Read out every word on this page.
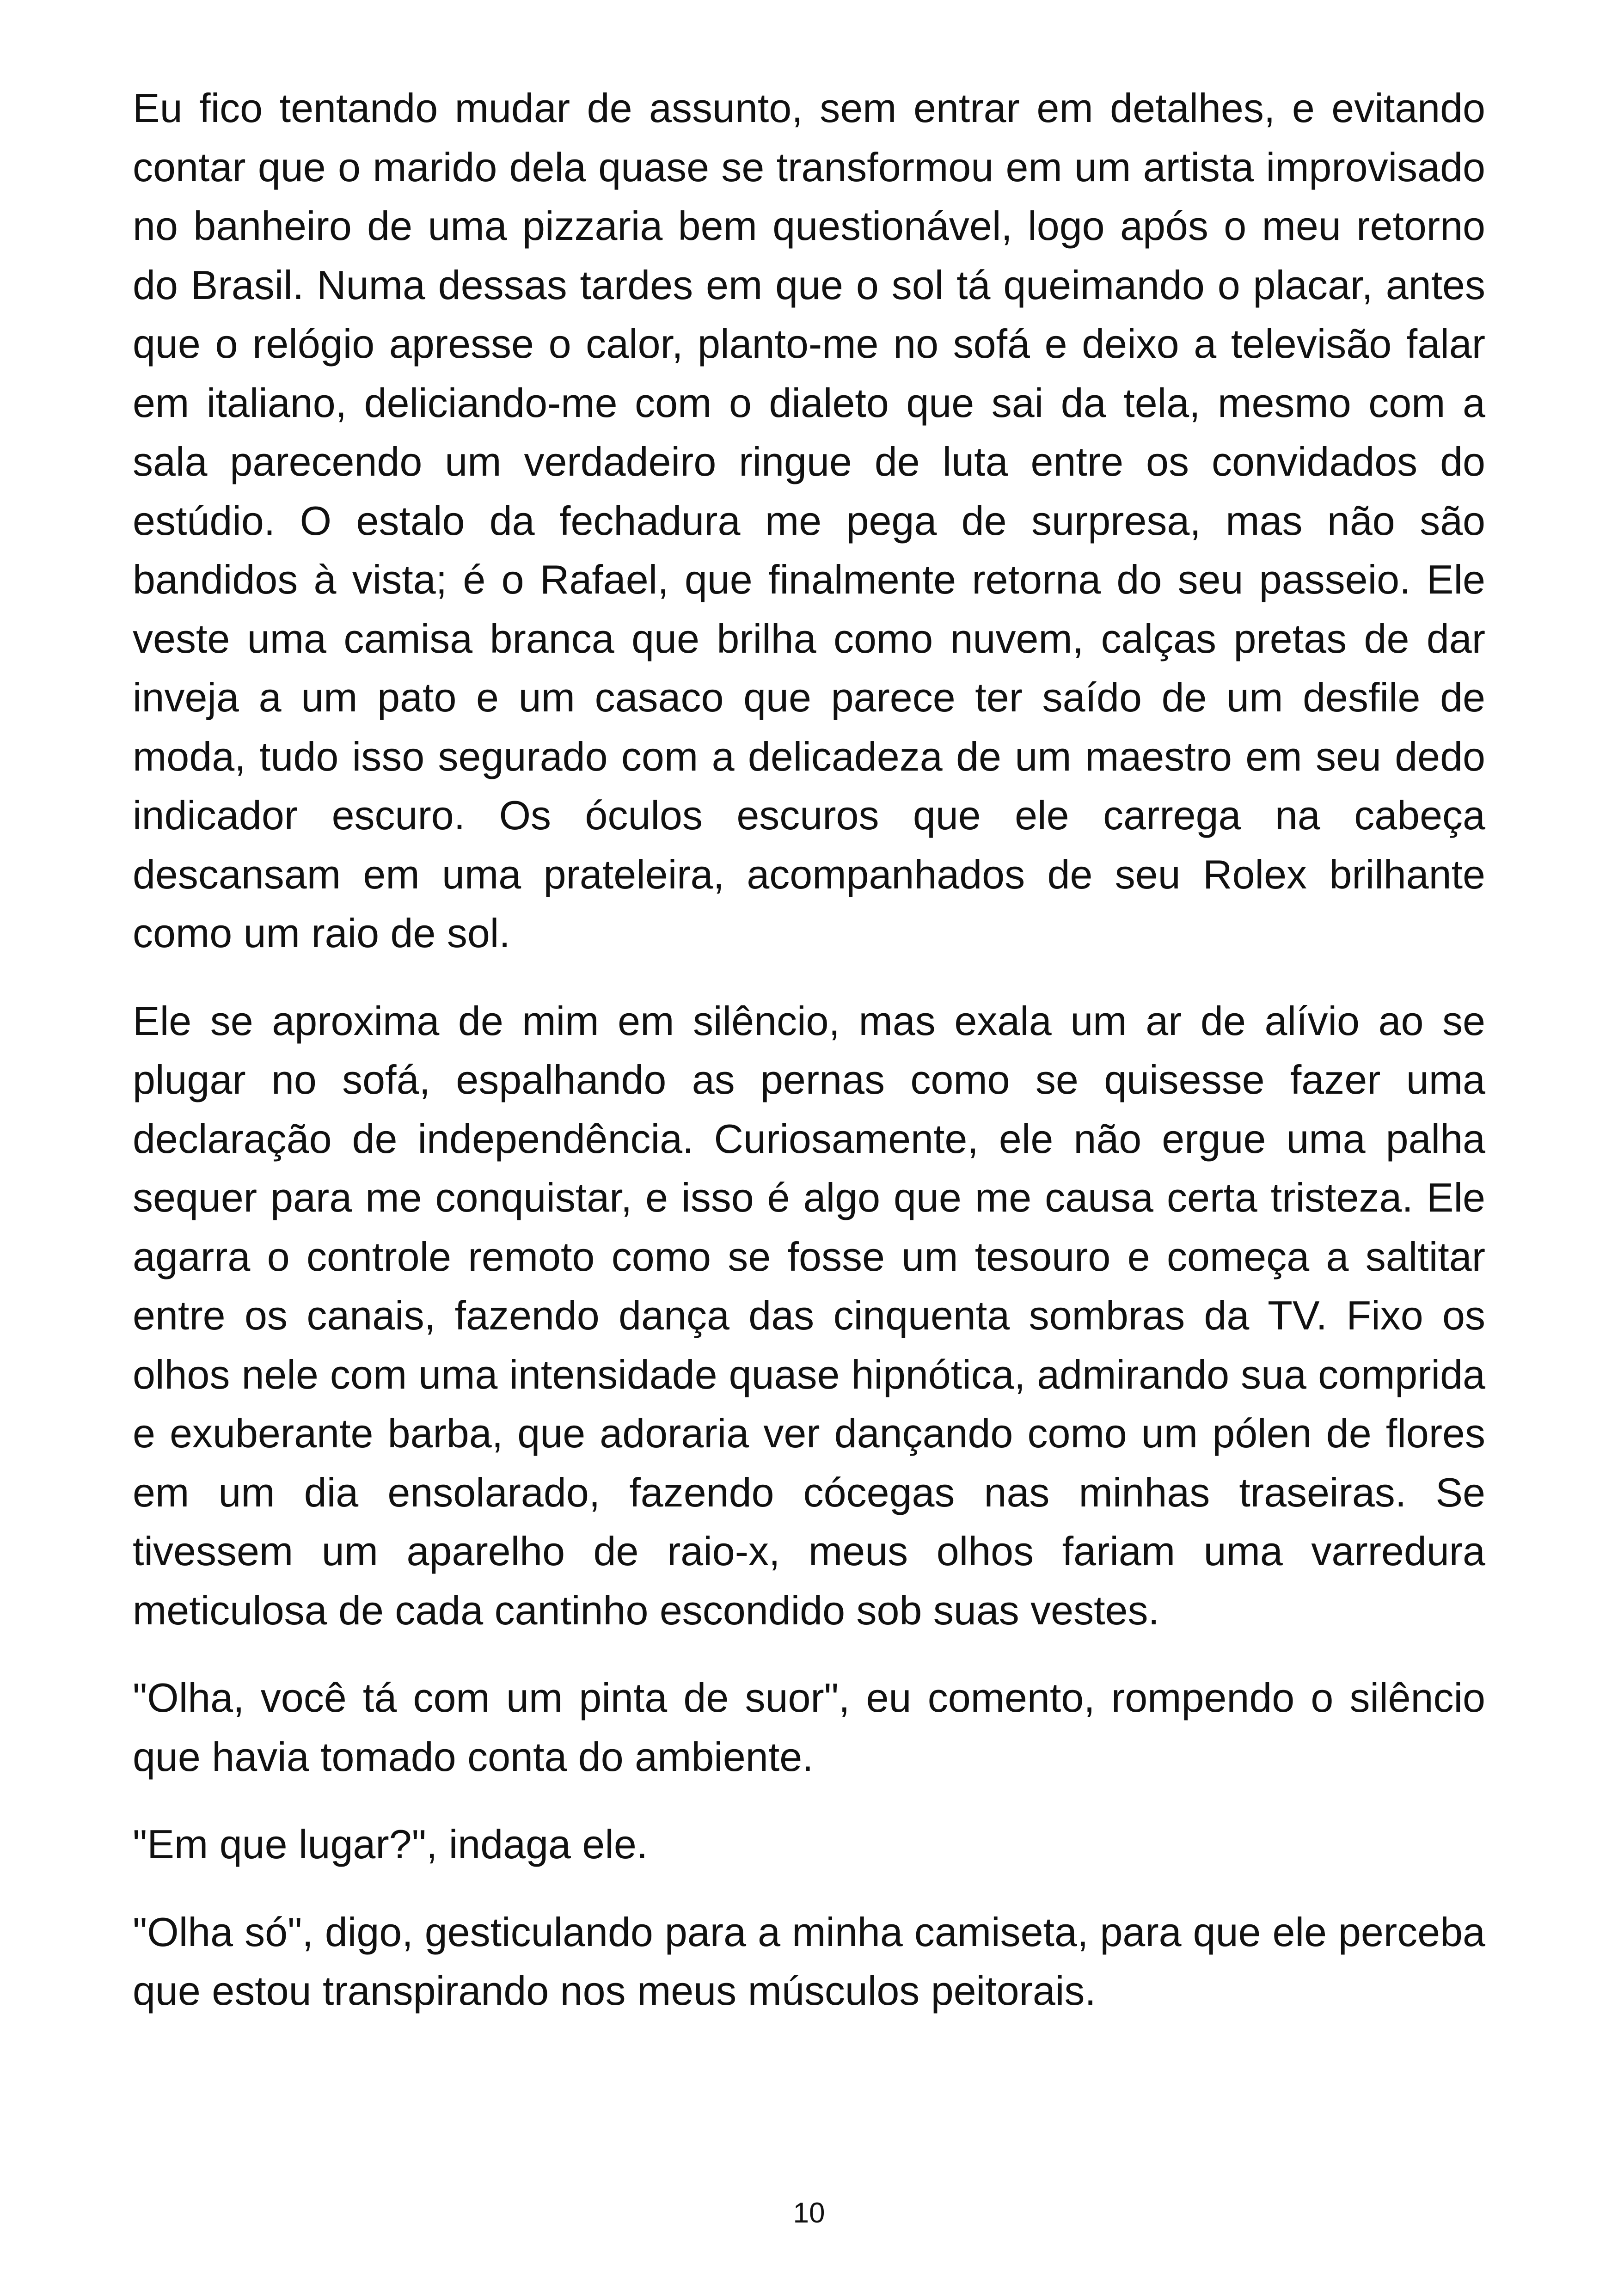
Eu fico tentando mudar de assunto, sem entrar em detalhes, e evitando contar que o marido dela quase se transformou em um artista improvisado no banheiro de uma pizzaria bem questionável, logo após o meu retorno do Brasil. Numa dessas tardes em que o sol tá queimando o placar, antes que o relógio apresse o calor, planto-me no sofá e deixo a televisão falar em italiano, deliciando-me com o dialeto que sai da tela, mesmo com a sala parecendo um verdadeiro ringue de luta entre os convidados do estúdio. O estalo da fechadura me pega de surpresa, mas não são bandidos à vista; é o Rafael, que finalmente retorna do seu passeio. Ele veste uma camisa branca que brilha como nuvem, calças pretas de dar inveja a um pato e um casaco que parece ter saído de um desfile de moda, tudo isso segurado com a delicadeza de um maestro em seu dedo indicador escuro. Os óculos escuros que ele carrega na cabeça descansam em uma prateleira, acompanhados de seu Rolex brilhante como um raio de sol.

Ele se aproxima de mim em silêncio, mas exala um ar de alívio ao se plugar no sofá, espalhando as pernas como se quisesse fazer uma declaração de independência. Curiosamente, ele não ergue uma palha sequer para me conquistar, e isso é algo que me causa certa tristeza. Ele agarra o controle remoto como se fosse um tesouro e começa a saltitar entre os canais, fazendo dança das cinquenta sombras da TV. Fixo os olhos nele com uma intensidade quase hipnótica, admirando sua comprida e exuberante barba, que adoraria ver dançando como um pólen de flores em um dia ensolarado, fazendo cócegas nas minhas traseiras. Se tivessem um aparelho de raio-x, meus olhos fariam uma varredura meticulosa de cada cantinho escondido sob suas vestes.

"Olha, você tá com um pinta de suor", eu comento, rompendo o silêncio que havia tomado conta do ambiente.

"Em que lugar?", indaga ele.

"Olha só", digo, gesticulando para a minha camiseta, para que ele perceba que estou transpirando nos meus músculos peitorais.

10
